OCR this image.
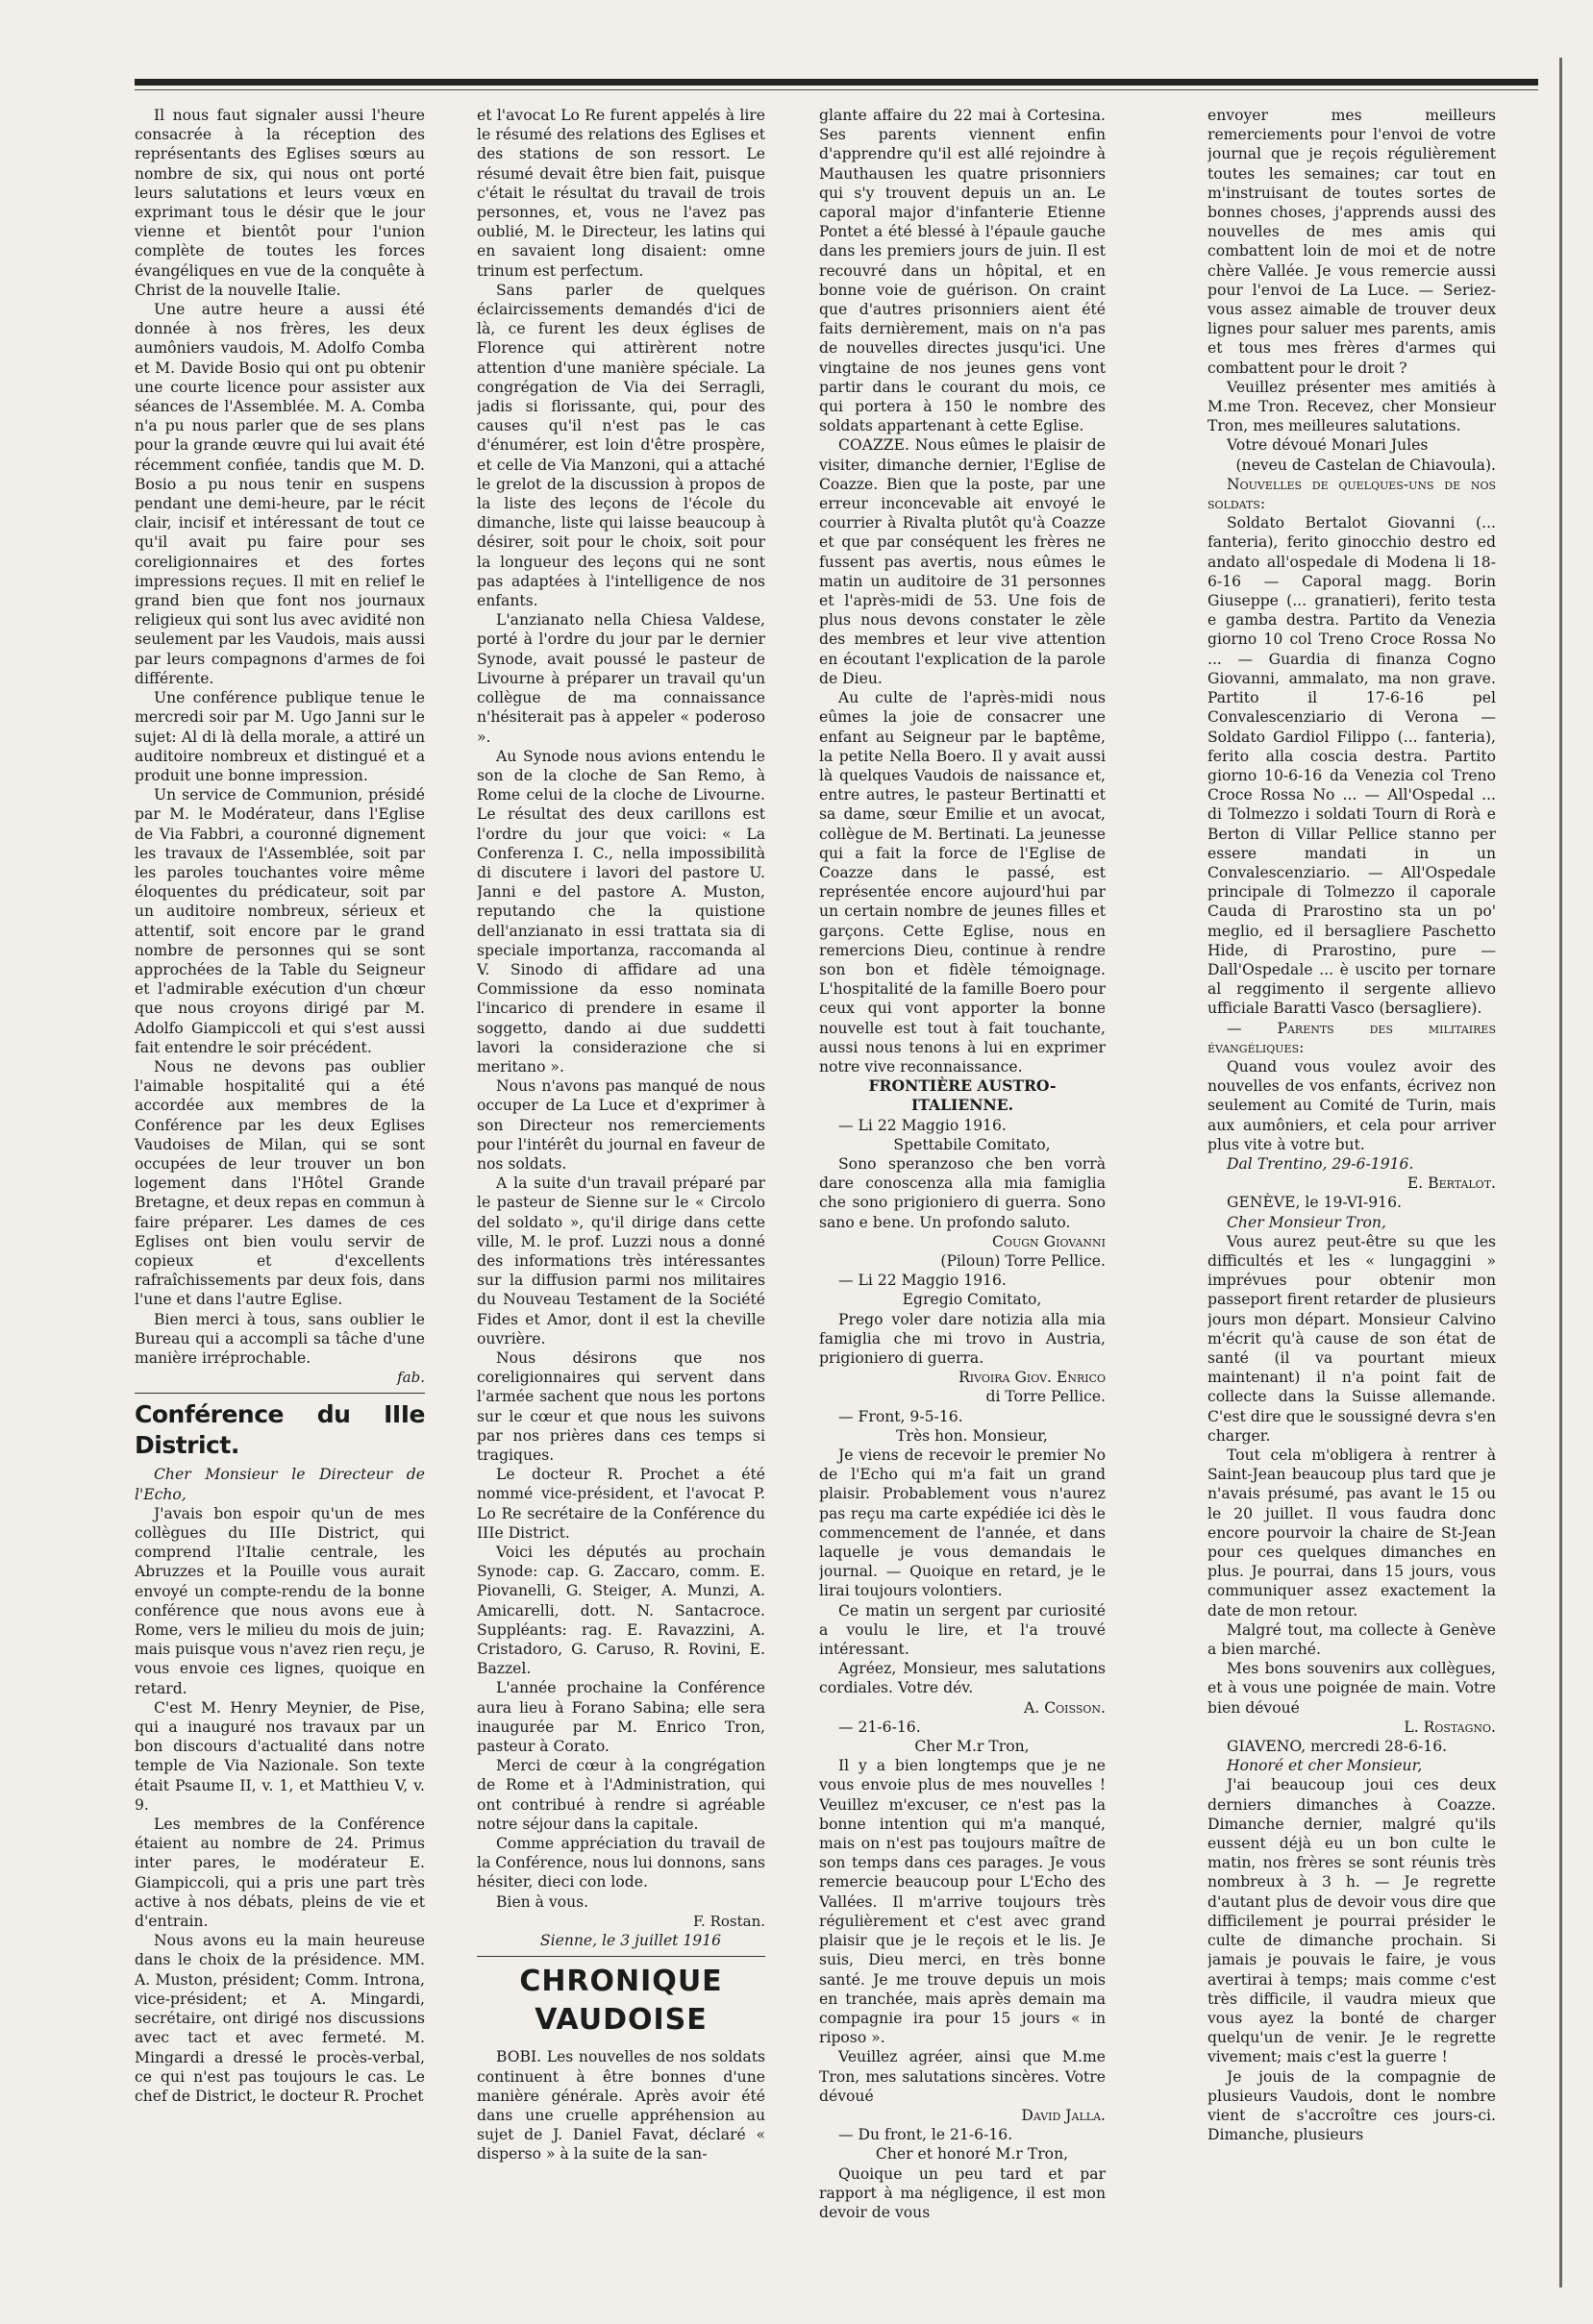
Il nous faut signaler aussi l'heure consacrée à la réception des représentants des Eglises sœurs au nombre de six, qui nous ont porté leurs salutations et leurs vœux en exprimant tous le désir que le jour vienne et bientôt pour l'union complète de toutes les forces évangéliques en vue de la conquête à Christ de la nouvelle Italie.

Une autre heure a aussi été donnée à nos frères, les deux aumôniers vaudois, M. Adolfo Comba et M. Davide Bosio qui ont pu obtenir une courte licence pour assister aux séances de l'Assemblée. M. A. Comba n'a pu nous parler que de ses plans pour la grande œuvre qui lui avait été récemment confiée, tandis que M. D. Bosio a pu nous tenir en suspens pendant une demi-heure, par le récit clair, incisif et intéressant de tout ce qu'il avait pu faire pour ses coreligionnaires et des fortes impressions reçues. Il mit en relief le grand bien que font nos journaux religieux qui sont lus avec avidité non seulement par les Vaudois, mais aussi par leurs compagnons d'armes de foi différente.

Une conférence publique tenue le mercredi soir par M. Ugo Janni sur le sujet: Al di là della morale, a attiré un auditoire nombreux et distingué et a produit une bonne impression.

Un service de Communion, présidé par M. le Modérateur, dans l'Eglise de Via Fabbri, a couronné dignement les travaux de l'Assemblée, soit par les paroles touchantes voire même éloquentes du prédicateur, soit par un auditoire nombreux, sérieux et attentif, soit encore par le grand nombre de personnes qui se sont approchées de la Table du Seigneur et l'admirable exécution d'un chœur que nous croyons dirigé par M. Adolfo Giampiccoli et qui s'est aussi fait entendre le soir précédent.

Nous ne devons pas oublier l'aimable hospitalité qui a été accordée aux membres de la Conférence par les deux Eglises Vaudoises de Milan, qui se sont occupées de leur trouver un bon logement dans l'Hôtel Grande Bretagne, et deux repas en commun à faire préparer. Les dames de ces Eglises ont bien voulu servir de copieux et d'excellents rafraîchissements par deux fois, dans l'une et dans l'autre Eglise.

Bien merci à tous, sans oublier le Bureau qui a accompli sa tâche d'une manière irréprochable.

fab.

Conférence du IIIe District.

Cher Monsieur le Directeur de l'Echo,

J'avais bon espoir qu'un de mes collègues du IIIe District, qui comprend l'Italie centrale, les Abruzzes et la Pouille vous aurait envoyé un compte-rendu de la bonne conférence que nous avons eue à Rome, vers le milieu du mois de juin; mais puisque vous n'avez rien reçu, je vous envoie ces lignes, quoique en retard.

C'est M. Henry Meynier, de Pise, qui a inauguré nos travaux par un bon discours d'actualité dans notre temple de Via Nazionale. Son texte était Psaume II, v. 1, et Matthieu V, v. 9.

Les membres de la Conférence étaient au nombre de 24. Primus inter pares, le modérateur E. Giampiccoli, qui a pris une part très active à nos débats, pleins de vie et d'entrain.

Nous avons eu la main heureuse dans le choix de la présidence. MM. A. Muston, président; Comm. Introna, vice-président; et A. Mingardi, secrétaire, ont dirigé nos discussions avec tact et avec fermeté. M. Mingardi a dressé le procès-verbal, ce qui n'est pas toujours le cas. Le chef de District, le docteur R. Prochet

et l'avocat Lo Re furent appelés à lire le résumé des relations des Eglises et des stations de son ressort. Le résumé devait être bien fait, puisque c'était le résultat du travail de trois personnes, et, vous ne l'avez pas oublié, M. le Directeur, les latins qui en savaient long disaient: omne trinum est perfectum.

Sans parler de quelques éclaircissements demandés d'ici de là, ce furent les deux églises de Florence qui attirèrent notre attention d'une manière spéciale. La congrégation de Via dei Serragli, jadis si florissante, qui, pour des causes qu'il n'est pas le cas d'énumérer, est loin d'être prospère, et celle de Via Manzoni, qui a attaché le grelot de la discussion à propos de la liste des leçons de l'école du dimanche, liste qui laisse beaucoup à désirer, soit pour le choix, soit pour la longueur des leçons qui ne sont pas adaptées à l'intelligence de nos enfants.

L'anzianato nella Chiesa Valdese, porté à l'ordre du jour par le dernier Synode, avait poussé le pasteur de Livourne à préparer un travail qu'un collègue de ma connaissance n'hésiterait pas à appeler « poderoso ».

Au Synode nous avions entendu le son de la cloche de San Remo, à Rome celui de la cloche de Livourne. Le résultat des deux carillons est l'ordre du jour que voici: « La Conferenza I. C., nella impossibilità di discutere i lavori del pastore U. Janni e del pastore A. Muston, reputando che la quistione dell'anzianato in essi trattata sia di speciale importanza, raccomanda al V. Sinodo di affidare ad una Commissione da esso nominata l'incarico di prendere in esame il soggetto, dando ai due suddetti lavori la considerazione che si meritano ».

Nous n'avons pas manqué de nous occuper de La Luce et d'exprimer à son Directeur nos remerciements pour l'intérêt du journal en faveur de nos soldats.

A la suite d'un travail préparé par le pasteur de Sienne sur le « Circolo del soldato », qu'il dirige dans cette ville, M. le prof. Luzzi nous a donné des informations très intéressantes sur la diffusion parmi nos militaires du Nouveau Testament de la Société Fides et Amor, dont il est la cheville ouvrière.

Nous désirons que nos coreligionnaires qui servent dans l'armée sachent que nous les portons sur le cœur et que nous les suivons par nos prières dans ces temps si tragiques.

Le docteur R. Prochet a été nommé vice-président, et l'avocat P. Lo Re secrétaire de la Conférence du IIIe District.

Voici les députés au prochain Synode: cap. G. Zaccaro, comm. E. Piovanelli, G. Steiger, A. Munzi, A. Amicarelli, dott. N. Santacroce. Suppléants: rag. E. Ravazzini, A. Cristadoro, G. Caruso, R. Rovini, E. Bazzel.

L'année prochaine la Conférence aura lieu à Forano Sabina; elle sera inaugurée par M. Enrico Tron, pasteur à Corato.

Merci de cœur à la congrégation de Rome et à l'Administration, qui ont contribué à rendre si agréable notre séjour dans la capitale.

Comme appréciation du travail de la Conférence, nous lui donnons, sans hésiter, dieci con lode.

Bien à vous.

F. Rostan.

Sienne, le 3 juillet 1916

CHRONIQUE VAUDOISE

BOBI. Les nouvelles de nos soldats continuent à être bonnes d'une manière générale. Après avoir été dans une cruelle appréhension au sujet de J. Daniel Favat, déclaré « disperso » à la suite de la san-

glante affaire du 22 mai à Cortesina. Ses parents viennent enfin d'apprendre qu'il est allé rejoindre à Mauthausen les quatre prisonniers qui s'y trouvent depuis un an. Le caporal major d'infanterie Etienne Pontet a été blessé à l'épaule gauche dans les premiers jours de juin. Il est recouvré dans un hôpital, et en bonne voie de guérison. On craint que d'autres prisonniers aient été faits dernièrement, mais on n'a pas de nouvelles directes jusqu'ici. Une vingtaine de nos jeunes gens vont partir dans le courant du mois, ce qui portera à 150 le nombre des soldats appartenant à cette Eglise.

COAZZE. Nous eûmes le plaisir de visiter, dimanche dernier, l'Eglise de Coazze. Bien que la poste, par une erreur inconcevable ait envoyé le courrier à Rivalta plutôt qu'à Coazze et que par conséquent les frères ne fussent pas avertis, nous eûmes le matin un auditoire de 31 personnes et l'après-midi de 53. Une fois de plus nous devons constater le zèle des membres et leur vive attention en écoutant l'explication de la parole de Dieu.

Au culte de l'après-midi nous eûmes la joie de consacrer une enfant au Seigneur par le baptême, la petite Nella Boero. Il y avait aussi là quelques Vaudois de naissance et, entre autres, le pasteur Bertinatti et sa dame, sœur Emilie et un avocat, collègue de M. Bertinati. La jeunesse qui a fait la force de l'Eglise de Coazze dans le passé, est représentée encore aujourd'hui par un certain nombre de jeunes filles et garçons. Cette Eglise, nous en remercions Dieu, continue à rendre son bon et fidèle témoignage. L'hospitalité de la famille Boero pour ceux qui vont apporter la bonne nouvelle est tout à fait touchante, aussi nous tenons à lui en exprimer notre vive reconnaissance.

FRONTIÈRE AUSTRO-ITALIENNE.

— Li 22 Maggio 1916.

Spettabile Comitato,

Sono speranzoso che ben vorrà dare conoscenza alla mia famiglia che sono prigioniero di guerra. Sono sano e bene. Un profondo saluto.

Cougn Giovanni

(Piloun) Torre Pellice.

— Li 22 Maggio 1916.

Egregio Comitato,

Prego voler dare notizia alla mia famiglia che mi trovo in Austria, prigioniero di guerra.

Rivoira Giov. Enrico

di Torre Pellice.

— Front, 9-5-16.

Très hon. Monsieur,

Je viens de recevoir le premier No de l'Echo qui m'a fait un grand plaisir. Probablement vous n'aurez pas reçu ma carte expédiée ici dès le commencement de l'année, et dans laquelle je vous demandais le journal. — Quoique en retard, je le lirai toujours volontiers.

Ce matin un sergent par curiosité a voulu le lire, et l'a trouvé intéressant.

Agréez, Monsieur, mes salutations cordiales. Votre dév.

A. Coisson.

— 21-6-16.

Cher M.r Tron,

Il y a bien longtemps que je ne vous envoie plus de mes nouvelles ! Veuillez m'excuser, ce n'est pas la bonne intention qui m'a manqué, mais on n'est pas toujours maître de son temps dans ces parages. Je vous remercie beaucoup pour L'Echo des Vallées. Il m'arrive toujours très régulièrement et c'est avec grand plaisir que je le reçois et le lis. Je suis, Dieu merci, en très bonne santé. Je me trouve depuis un mois en tranchée, mais après demain ma compagnie ira pour 15 jours « in riposo ».

Veuillez agréer, ainsi que M.me Tron, mes salutations sincères. Votre dévoué

David Jalla.

— Du front, le 21-6-16.

Cher et honoré M.r Tron,

Quoique un peu tard et par rapport à ma négligence, il est mon devoir de vous

envoyer mes meilleurs remerciements pour l'envoi de votre journal que je reçois régulièrement toutes les semaines; car tout en m'instruisant de toutes sortes de bonnes choses, j'apprends aussi des nouvelles de mes amis qui combattent loin de moi et de notre chère Vallée. Je vous remercie aussi pour l'envoi de La Luce. — Seriez-vous assez aimable de trouver deux lignes pour saluer mes parents, amis et tous mes frères d'armes qui combattent pour le droit ?

Veuillez présenter mes amitiés à M.me Tron. Recevez, cher Monsieur Tron, mes meilleures salutations.

Votre dévoué Monari Jules

(neveu de Castelan de Chiavoula).

Nouvelles de quelques-uns de nos soldats:

Soldato Bertalot Giovanni (... fanteria), ferito ginocchio destro ed andato all'ospedale di Modena li 18-6-16 — Caporal magg. Borin Giuseppe (... granatieri), ferito testa e gamba destra. Partito da Venezia giorno 10 col Treno Croce Rossa No ... — Guardia di finanza Cogno Giovanni, ammalato, ma non grave. Partito il 17-6-16 pel Convalescenziario di Verona — Soldato Gardiol Filippo (... fanteria), ferito alla coscia destra. Partito giorno 10-6-16 da Venezia col Treno Croce Rossa No ... — All'Ospedal ... di Tolmezzo i soldati Tourn di Rorà e Berton di Villar Pellice stanno per essere mandati in un Convalescenziario. — All'Ospedale principale di Tolmezzo il caporale Cauda di Prarostino sta un po' meglio, ed il bersagliere Paschetto Hide, di Prarostino, pure — Dall'Ospedale ... è uscito per tornare al reggimento il sergente allievo ufficiale Baratti Vasco (bersagliere).

— Parents des militaires évangéliques:

Quand vous voulez avoir des nouvelles de vos enfants, écrivez non seulement au Comité de Turin, mais aux aumôniers, et cela pour arriver plus vite à votre but.

Dal Trentino, 29-6-1916.

E. Bertalot.

GENÈVE, le 19-VI-916.

Cher Monsieur Tron,

Vous aurez peut-être su que les difficultés et les « lungaggini » imprévues pour obtenir mon passeport firent retarder de plusieurs jours mon départ. Monsieur Calvino m'écrit qu'à cause de son état de santé (il va pourtant mieux maintenant) il n'a point fait de collecte dans la Suisse allemande. C'est dire que le soussigné devra s'en charger.

Tout cela m'obligera à rentrer à Saint-Jean beaucoup plus tard que je n'avais présumé, pas avant le 15 ou le 20 juillet. Il vous faudra donc encore pourvoir la chaire de St-Jean pour ces quelques dimanches en plus. Je pourrai, dans 15 jours, vous communiquer assez exactement la date de mon retour.

Malgré tout, ma collecte à Genève a bien marché.

Mes bons souvenirs aux collègues, et à vous une poignée de main. Votre bien dévoué

L. Rostagno.

GIAVENO, mercredi 28-6-16.

Honoré et cher Monsieur,

J'ai beaucoup joui ces deux derniers dimanches à Coazze. Dimanche dernier, malgré qu'ils eussent déjà eu un bon culte le matin, nos frères se sont réunis très nombreux à 3 h. — Je regrette d'autant plus de devoir vous dire que difficilement je pourrai présider le culte de dimanche prochain. Si jamais je pouvais le faire, je vous avertirai à temps; mais comme c'est très difficile, il vaudra mieux que vous ayez la bonté de charger quelqu'un de venir. Je le regrette vivement; mais c'est la guerre !

Je jouis de la compagnie de plusieurs Vaudois, dont le nombre vient de s'accroître ces jours-ci. Dimanche, plusieurs
